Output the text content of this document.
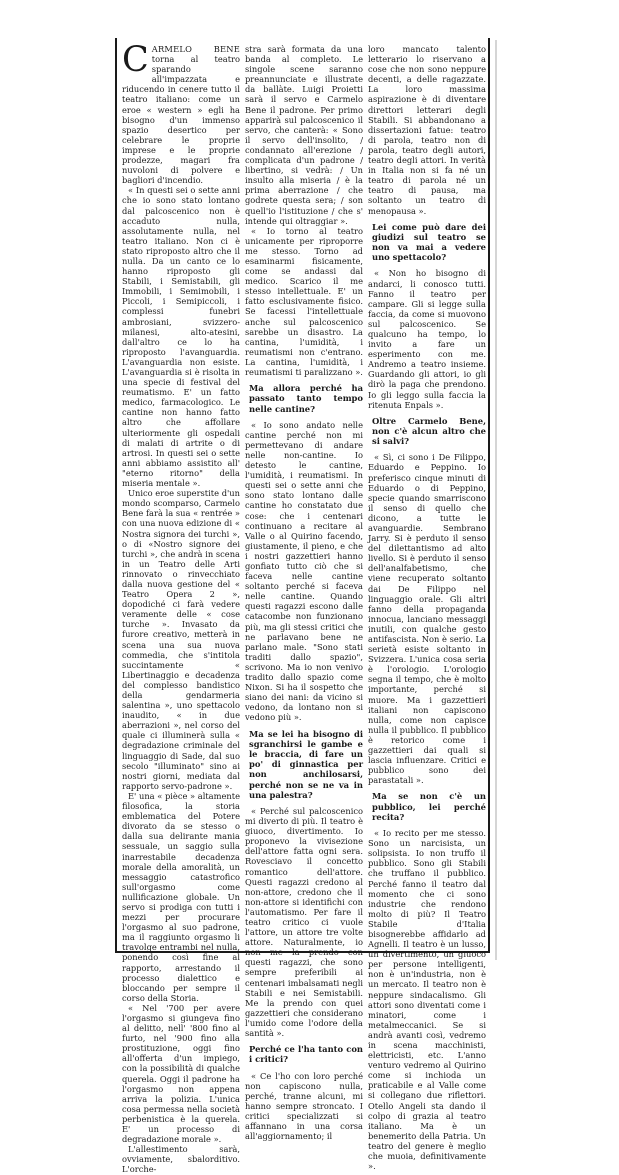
CARMELO BENE torna al teatro sparando all'impazzata e riducendo in cenere tutto il teatro italiano: come un eroe « western » egli ha bisogno d'un immenso spazio desertico per celebrare le proprie imprese e le proprie prodezze, magari fra nuvoloni di polvere e bagliori d'incendio.

« In questi sei o sette anni che io sono stato lontano dal palcoscenico non è accaduto nulla, assolutamente nulla, nel teatro italiano. Non ci è stato riproposto altro che il nulla. Da un canto ce lo hanno riproposto gli Stabili, i Semistabili, gli Immobili, i Semimobili, i Piccoli, i Semipiccoli, i complessi funebri ambrosiani, svizzero-milanesi, alto-atesini, dall'altro ce lo ha riproposto l'avanguardia. L'avanguardia non esiste. L'avanguardia si è risolta in una specie di festival del reumatismo. E' un fatto medico, farmacologico. Le cantine non hanno fatto altro che affollare ulteriormente gli ospedali di malati di artrite o di artrosi. In questi sei o sette anni abbiamo assistito all' "eterno ritorno" della miseria mentale ».

Unico eroe superstite d'un mondo scomparso, Carmelo Bene farà la sua « rentrée » con una nuova edizione di « Nostra signora dei turchi », o di «Nostro signore dei turchi », che andrà in scena in un Teatro delle Arti rinnovato o rinvecchiato dalla nuova gestione del « Teatro Opera 2 », dopodiché ci farà vedere veramente delle « cose turche ». Invasato da furore creativo, metterà in scena una sua nuova commedia, che s'intitola succintamente « Libertinaggio e decadenza del complesso bandistico della gendarmeria salentina », uno spettacolo inaudito, « in due aberrazioni », nel corso del quale ci illuminerà sulla « degradazione criminale del linguaggio di Sade, dal suo secolo "illuminato" sino ai nostri giorni, mediata dal rapporto servo-padrone ».

E' una « pièce » altamente filosofica, la storia emblematica del Potere divorato da se stesso o dalla sua delirante mania sessuale, un saggio sulla inarrestabile decadenza morale della amoralità, un messaggio catastrofico sull'orgasmo come nullificazione globale. Un servo si prodiga con tutti i mezzi per procurare l'orgasmo al suo padrone, ma il raggiunto orgasmo li travolge entrambi nel nulla, ponendo così fine al rapporto, arrestando il processo dialettico e bloccando per sempre il corso della Storia.

« Nel '700 per avere l'orgasmo si giungeva fino al delitto, nell' '800 fino al furto, nel '900 fino alla prostituzione, oggi fino all'offerta d'un impiego, con la possibilità di qualche querela. Oggi il padrone ha l'orgasmo non appena arriva la polizia. L'unica cosa permessa nella società perbenistica è la querela. E' un processo di degradazione morale ».

L'allestimento sarà, ovviamente, sbalorditivo. L'orche-

stra sarà formata da una banda al completo. Le singole scene saranno preannunciate e illustrate da ballàte. Luigi Proietti sarà il servo e Carmelo Bene il padrone. Per primo apparirà sul palcoscenico il servo, che canterà: « Sono il servo dell'insolito, / condannato all'erezione / complicata d'un padrone / libertino, si vedrà: / Un insulto alla miseria / è la prima aberrazione / che godrete questa sera; / son quell'io l'istituzione / che s' intende qui oltraggiar ».

« Io torno al teatro unicamente per riproporre me stesso. Torno ad esaminarmi fisicamente, come se andassi dal medico. Scarico il me stesso intellettuale. E' un fatto esclusivamente fisico. Se facessi l'intellettuale anche sul palcoscenico sarebbe un disastro. La cantina, l'umidità, i reumatismi non c'entrano. La cantina, l'umidità, i reumatismi ti paralizzano ».

Ma allora perché ha passato tanto tempo nelle cantine?

« Io sono andato nelle cantine perché non mi permettevano di andare nelle non-cantine. Io detesto le cantine, l'umidità, i reumatismi. In questi sei o sette anni che sono stato lontano dalle cantine ho constatato due cose: che i centenari continuano a recitare al Valle o al Quirino facendo, giustamente, il pieno, e che i nostri gazzettieri hanno gonfiato tutto ciò che si faceva nelle cantine soltanto perché si faceva nelle cantine. Quando questi ragazzi escono dalle catacombe non funzionano più, ma gli stessi critici che ne parlavano bene ne parlano male. "Sono stati traditi dallo spazio", scrivono. Ma io non venivo tradito dallo spazio come Nixon. Si ha il sospetto che siano dei nani: da vicino si vedono, da lontano non si vedono più ».

Ma se lei ha bisogno di sgranchirsi le gambe e le braccia, di fare un po' di ginnastica per non anchilosarsi, perché non se ne va in una palestra?

« Perché sul palcoscenico mi diverto di più. Il teatro è giuoco, divertimento. Io proponevo la vivisezione dell'attore fatta ogni sera. Rovesciavo il concetto romantico dell'attore. Questi ragazzi credono al non-attore, credono che il non-attore si identifichi con l'automatismo. Per fare il teatro critico ci vuole l'attore, un attore tre volte attore. Naturalmente, io non me la prendo con questi ragazzi, che sono sempre preferibili ai centenari imbalsamati negli Stabili e nei Semistabili. Me la prendo con quei gazzettieri che considerano l'umido come l'odore della santità ».

Perché ce l'ha tanto con i critici?

« Ce l'ho con loro perché non capiscono nulla, perché, tranne alcuni, mi hanno sempre stroncato. I critici specializzati si affannano in una corsa all'aggiornamento; il

loro mancato talento letterario lo riservano a cose che non sono neppure decenti, a delle ragazzate. La loro massima aspirazione è di diventare direttori letterari degli Stabili. Si abbandonano a dissertazioni fatue: teatro di parola, teatro non di parola, teatro degli autori, teatro degli attori. In verità in Italia non si fa né un teatro di parola né un teatro di pausa, ma soltanto un teatro di menopausa ».

Lei come può dare dei giudizi sul teatro se non va mai a vedere uno spettacolo?

« Non ho bisogno di andarci, li conosco tutti. Fanno il teatro per campare. Gli si legge sulla faccia, da come si muovono sul palcoscenico. Se qualcuno ha tempo, lo invito a fare un esperimento con me. Andremo a teatro insieme. Guardando gli attori, io gli dirò la paga che prendono. Io gli leggo sulla faccia la ritenuta Enpals ».

Oltre Carmelo Bene, non c'è alcun altro che si salvi?

« Sì, ci sono i De Filippo, Eduardo e Peppino. Io preferisco cinque minuti di Eduardo o di Peppino, specie quando smarriscono il senso di quello che dicono, a tutte le avanguardie. Sembrano Jarry. Si è perduto il senso del dilettantismo ad alto livello. Si è perduto il senso dell'analfabetismo, che viene recuperato soltanto dai De Filippo nel linguaggio orale. Gli altri fanno della propaganda innocua, lanciano messaggi inutili, con qualche gesto antifascista. Non è serio. La serietà esiste soltanto in Svizzera. L'unica cosa seria è l'orologio. L'orologio segna il tempo, che è molto importante, perché si muore. Ma i gazzettieri italiani non capiscono nulla, come non capisce nulla il pubblico. Il pubblico è retorico come i gazzettieri dai quali si lascia influenzare. Critici e pubblico sono dei parastatali ».

Ma se non c'è un pubblico, lei perché recita?

« Io recito per me stesso. Sono un narcisista, un solipsista. Io non truffo il pubblico. Sono gli Stabili che truffano il pubblico. Perché fanno il teatro dal momento che ci sono industrie che rendono molto di più? Il Teatro Stabile d'Italia bisognerebbe affidarlo ad Agnelli. Il teatro è un lusso, un divertimento, un giuoco per persone intelligenti, non è un'industria, non è un mercato. Il teatro non è neppure sindacalismo. Gli attori sono diventati come i minatori, come i metalmeccanici. Se si andrà avanti così, vedremo in scena macchinisti, elettricisti, etc. L'anno venturo vedremo al Quirino come si inchioda un praticabile e al Valle come si collegano due riflettori. Otello Angeli sta dando il colpo di grazia al teatro italiano. Ma è un benemerito della Patria. Un teatro del genere è meglio che muoia, definitivamente ».
